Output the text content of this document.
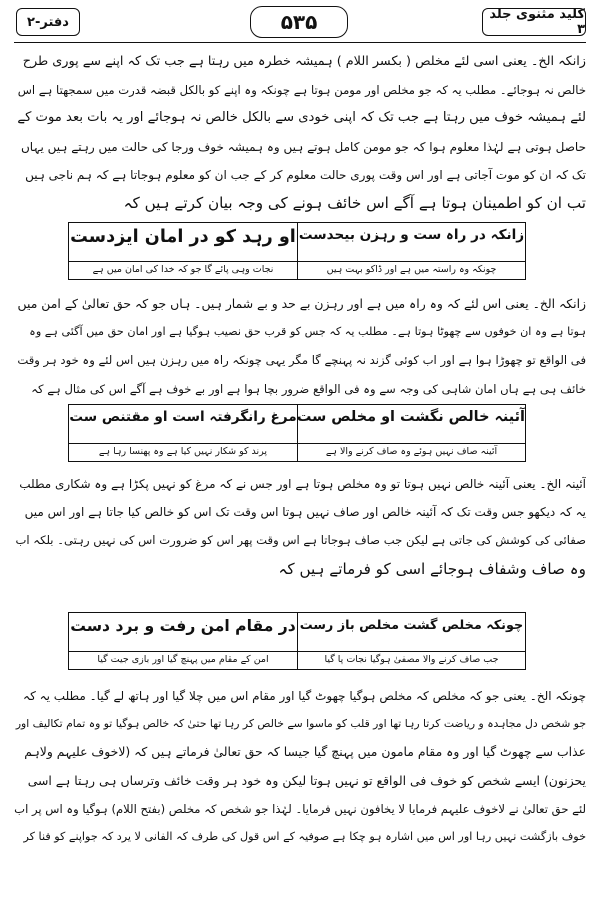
کلید مثنوی جلد ۳
۵۳۵
دفتر-۲
زانکہ الخ۔ یعنی اسی لئے مخلص ( بکسر اللام ) ہمیشہ خطرہ میں رہتا ہے جب تک کہ اپنے سے پوری طرح
خالص نہ ہوجائے۔ مطلب یہ کہ جو مخلص اور مومن ہوتا ہے چونکہ وہ اپنے کو بالکل قبضہ قدرت میں سمجھتا ہے اس
لئے ہمیشہ خوف میں رہتا ہے جب تک کہ اپنی خودی سے بالکل خالص نہ ہوجائے اور یہ بات بعد موت کے
حاصل ہوتی ہے لہٰذا معلوم ہوا کہ جو مومن کامل ہوتے ہیں وہ ہمیشہ خوف ورجا کی حالت میں رہتے ہیں یہاں
تک کہ ان کو موت آجاتی ہے اور اس وقت پوری حالت معلوم کر کے جب ان کو معلوم ہوجاتا ہے کہ ہم ناجی ہیں
تب ان کو اطمینان ہوتا ہے آگے اس خائف ہونے کی وجہ بیان کرتے ہیں کہ
زانکہ در راہ ست و رہزن بیحدست
چونکہ وہ راستہ میں ہے اور ڈاکو بہت ہیں
او رہد کو در امان ایزدست
نجات وہی پائے گا جو کہ خدا کی امان میں ہے
زانکہ الخ۔ یعنی اس لئے کہ وہ راہ میں ہے اور رہزن بے حد و بے شمار ہیں۔ ہاں جو کہ حق تعالیٰ کے امن میں
ہوتا ہے وہ ان خوفوں سے چھوٹا ہوتا ہے۔ مطلب یہ کہ جس کو قرب حق نصیب ہوگیا ہے اور امان حق میں آگئی ہے وہ
فی الواقع تو چھوڑا ہوا ہے اور اب کوئی گزند نہ پہنچے گا مگر یہی چونکہ راہ میں رہزن ہیں اس لئے وہ خود ہر وقت
خائف ہی ہے ہاں امان شاہی کی وجہ سے وہ فی الواقع ضرور بچا ہوا ہے اور بے خوف ہے آگے اس کی مثال ہے کہ
آئینہ خالص نگشت او مخلص ست
آئینہ صاف نہیں ہوئے وہ صاف کرنے والا ہے
مرغ رانگرفتہ است او مقتنص ست
پرند کو شکار نہیں کیا ہے وہ پھنسا رہا ہے
آئینہ الخ۔ یعنی آئینہ خالص نہیں ہوتا تو وہ مخلص ہوتا ہے اور جس نے کہ مرغ کو نہیں پکڑا ہے وہ شکاری مطلب
یہ کہ دیکھو جس وقت تک کہ آئینہ خالص اور صاف نہیں ہوتا اس وقت تک اس کو خالص کیا جاتا ہے اور اس میں
صفائی کی کوشش کی جاتی ہے لیکن جب صاف ہوجاتا ہے اس وقت پھر اس کو ضرورت اس کی نہیں رہتی۔ بلکہ اب
وہ صاف وشفاف ہوجائے اسی کو فرماتے ہیں کہ
چونکہ مخلص گشت مخلص باز رست
جب صاف کرنے والا مصفیٰ ہوگیا نجات پا گیا
در مقام امن رفت و برد دست
امن کے مقام میں پہنچ گیا اور بازی جیت گیا
چونکہ الخ۔ یعنی جو کہ مخلص کہ مخلص ہوگیا چھوٹ گیا اور مقام اس میں چلا گیا اور ہاتھ لے گیا۔ مطلب یہ کہ
جو شخص دل مجاہدہ و ریاضت کرتا رہا تھا اور قلب کو ماسوا سے خالص کر رہا تھا حتیٰ کہ خالص ہوگیا تو وہ تمام تکالیف اور
عذاب سے چھوٹ گیا اور وہ مقام مامون میں پہنچ گیا جیسا کہ حق تعالیٰ فرماتے ہیں کہ (لاخوف علیہم ولاہم
یحزنون) ایسے شخص کو خوف فی الواقع تو نہیں ہوتا لیکن وہ خود ہر وقت خائف وترساں ہی رہتا ہے اسی
لئے حق تعالیٰ نے لاخوف علیہم فرمایا لا یخافون نہیں فرمایا۔ لہٰذا جو شخص کہ مخلص (بفتح اللام) ہوگیا وہ اس پر اب
خوف بازگشت نہیں رہا اور اس میں اشارہ ہو چکا ہے صوفیہ کے اس قول کی طرف کہ الفانی لا یرد کہ جواپنے کو فنا کر
